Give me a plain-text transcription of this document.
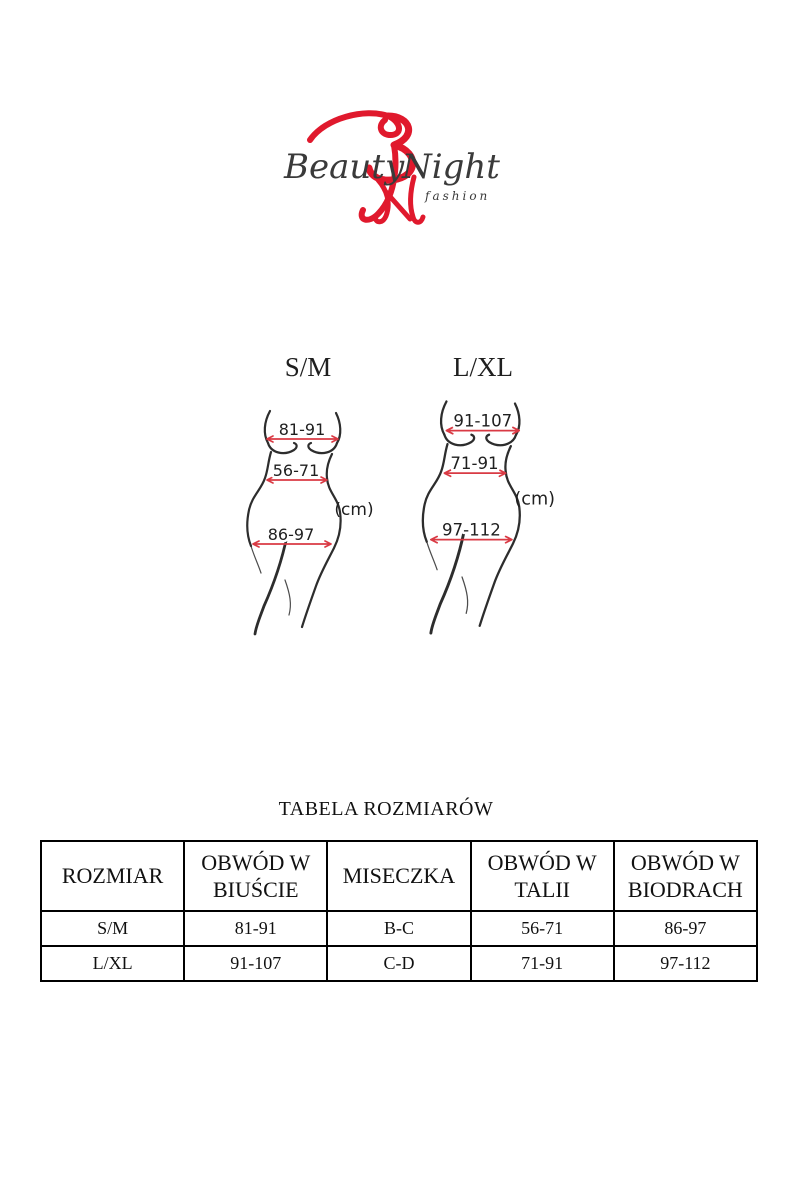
Beauty
Night
fashion
S/M
81-91
56-71
86-97
(cm)
L/XL
91-107
71-91
97-112
(cm)
TABELA ROZMIARÓW
ROZMIAR	OBWÓD W BIUŚCIE	MISECZKA	OBWÓD W TALII	OBWÓD W BIODRACH
S/M	81-91	B-C	56-71	86-97
L/XL	91-107	C-D	71-91	97-112
